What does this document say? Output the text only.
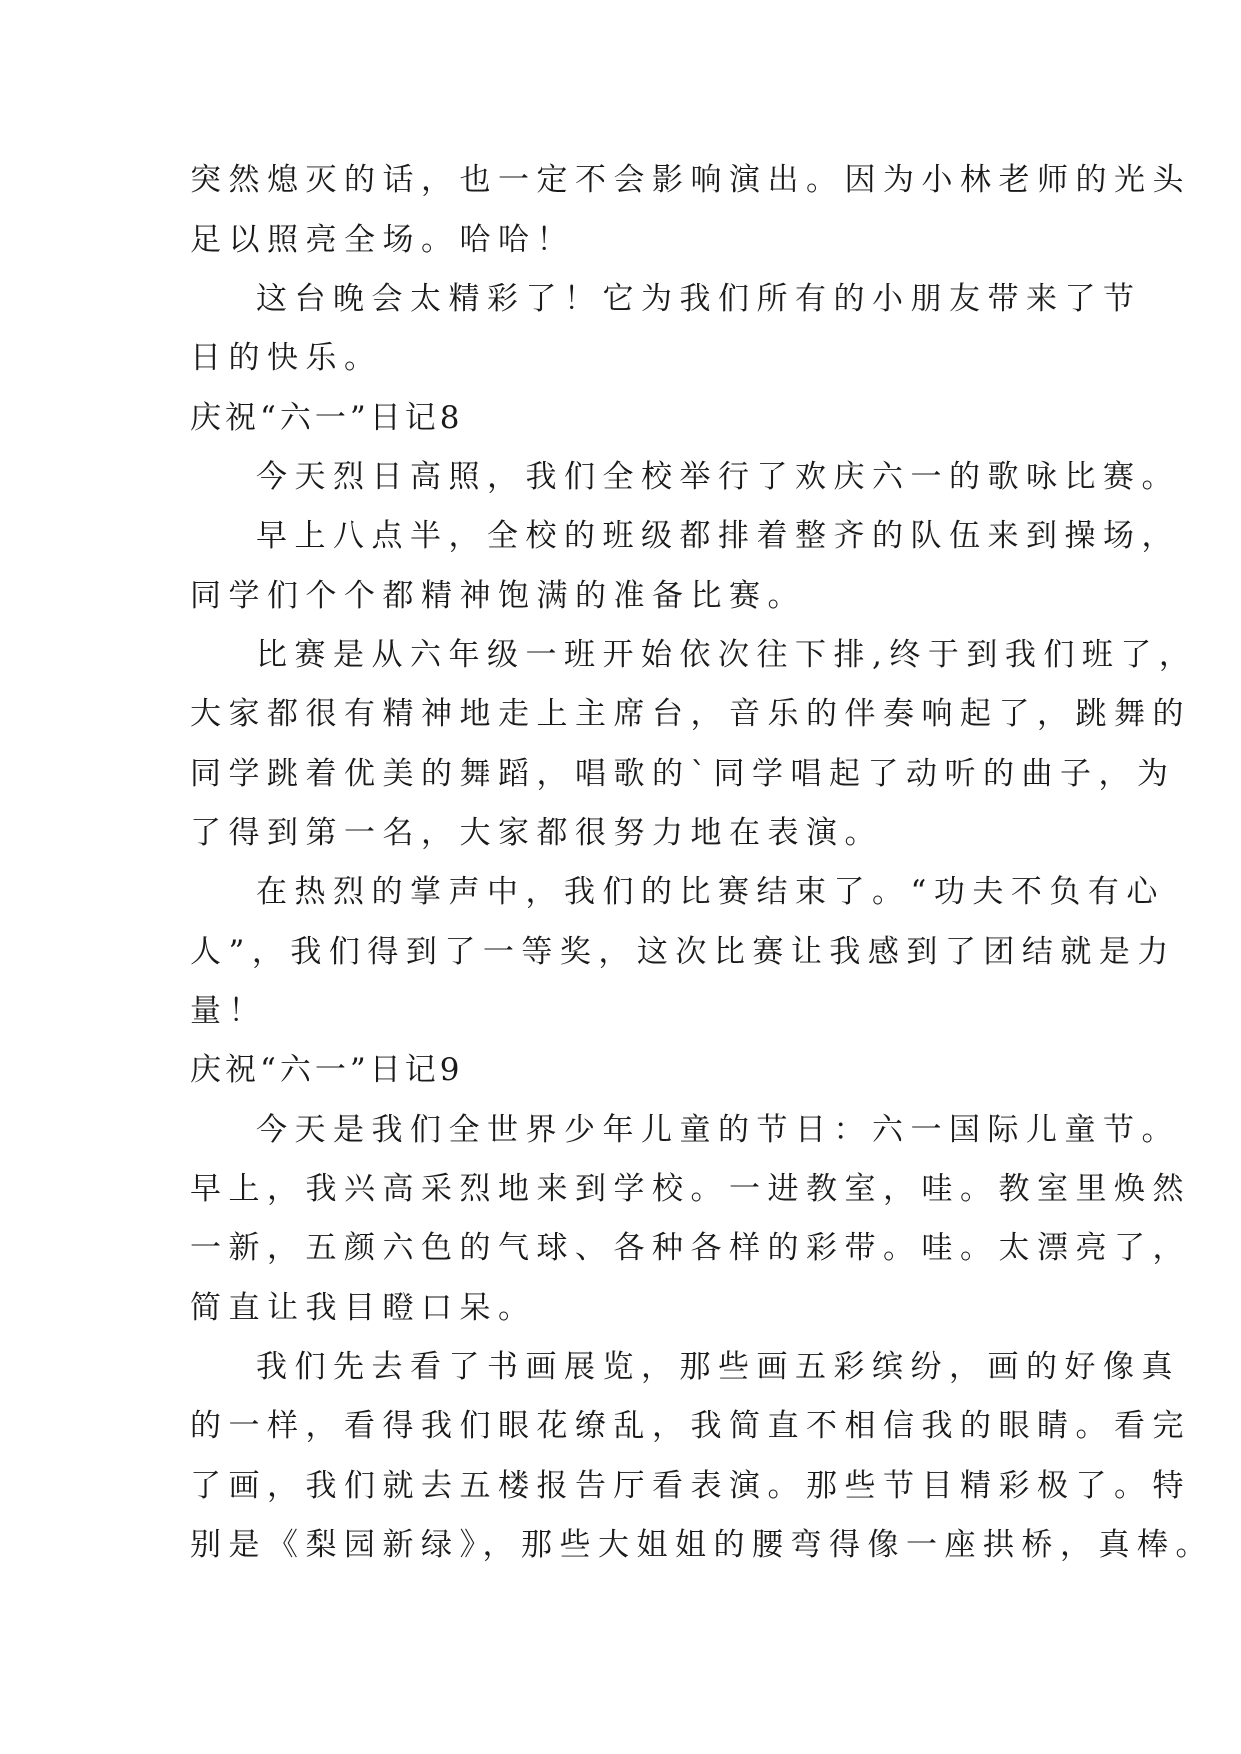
突然熄灭的话，也一定不会影响演出。因为小林老师的光头
足以照亮全场。哈哈！
这台晚会太精彩了！它为我们所有的小朋友带来了节
日的快乐。
庆祝“六一”日记8
今天烈日高照，我们全校举行了欢庆六一的歌咏比赛。
早上八点半，全校的班级都排着整齐的队伍来到操场，
同学们个个都精神饱满的准备比赛。
比赛是从六年级一班开始依次往下排,终于到我们班了，
大家都很有精神地走上主席台，音乐的伴奏响起了，跳舞的
同学跳着优美的舞蹈，唱歌的`同学唱起了动听的曲子，为
了得到第一名，大家都很努力地在表演。
在热烈的掌声中，我们的比赛结束了。“功夫不负有心
人”，我们得到了一等奖，这次比赛让我感到了团结就是力
量！
庆祝“六一”日记9
今天是我们全世界少年儿童的节日：六一国际儿童节。
早上，我兴高采烈地来到学校。一进教室，哇。教室里焕然
一新，五颜六色的气球、各种各样的彩带。哇。太漂亮了，
简直让我目瞪口呆。
我们先去看了书画展览，那些画五彩缤纷，画的好像真
的一样，看得我们眼花缭乱，我简直不相信我的眼睛。看完
了画，我们就去五楼报告厅看表演。那些节目精彩极了。特
别是《梨园新绿》，那些大姐姐的腰弯得像一座拱桥，真棒。
